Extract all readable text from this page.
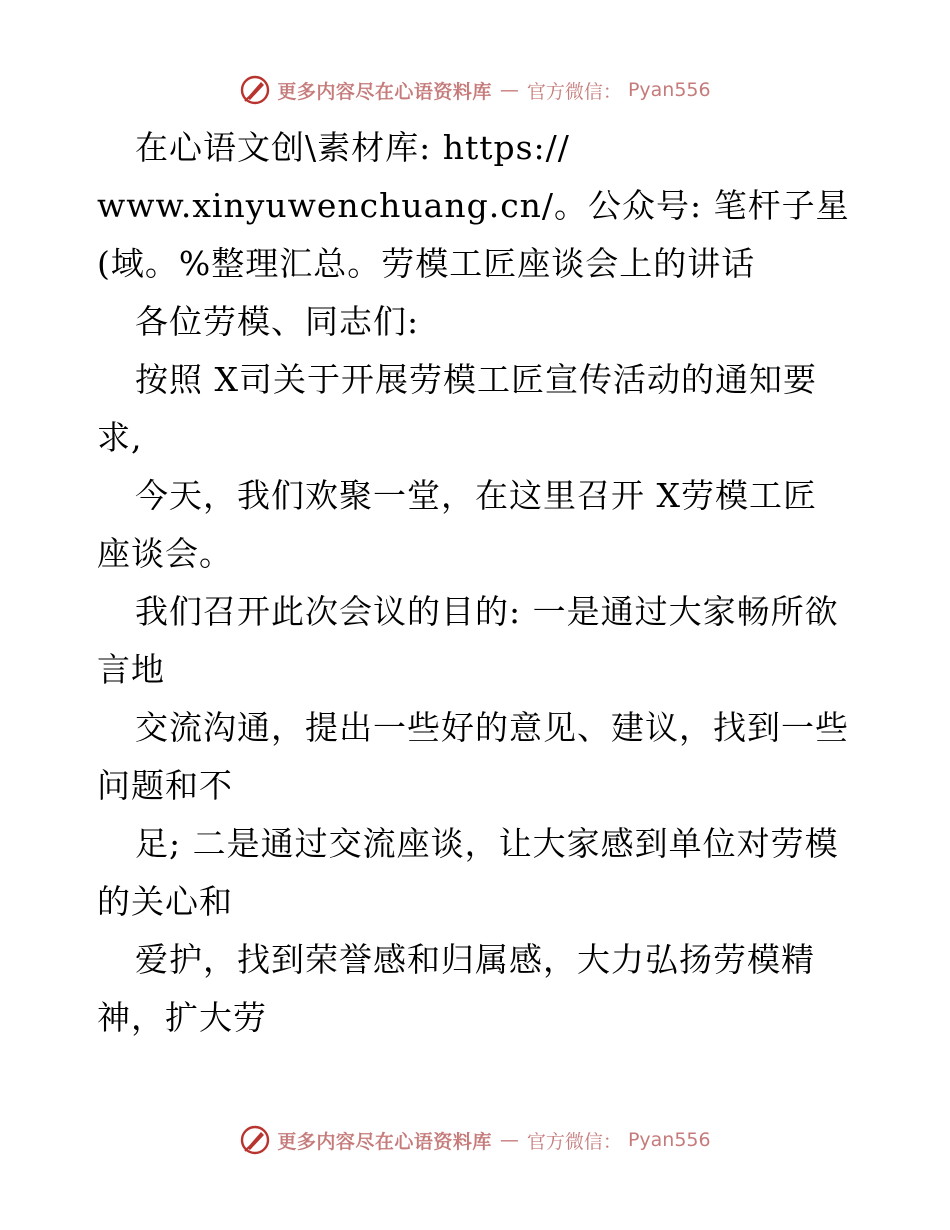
更多内容尽在心语资料库 — 官方微信： Pyan556
在心语文创\素材库: https://
www.xinyuwenchuang.cn/。公众号: 笔杆子星
(域。%整理汇总。劳模工匠座谈会上的讲话
各位劳模、同志们:
按照 X司关于开展劳模工匠宣传活动的通知要
求,
今天，我们欢聚一堂，在这里召开 X劳模工匠
座谈会。
我们召开此次会议的目的: 一是通过大家畅所欲
言地
交流沟通，提出一些好的意见、建议，找到一些
问题和不
足; 二是通过交流座谈，让大家感到单位对劳模
的关心和
爱护，找到荣誉感和归属感，大力弘扬劳模精
神，扩大劳
更多内容尽在心语资料库 — 官方微信： Pyan556
